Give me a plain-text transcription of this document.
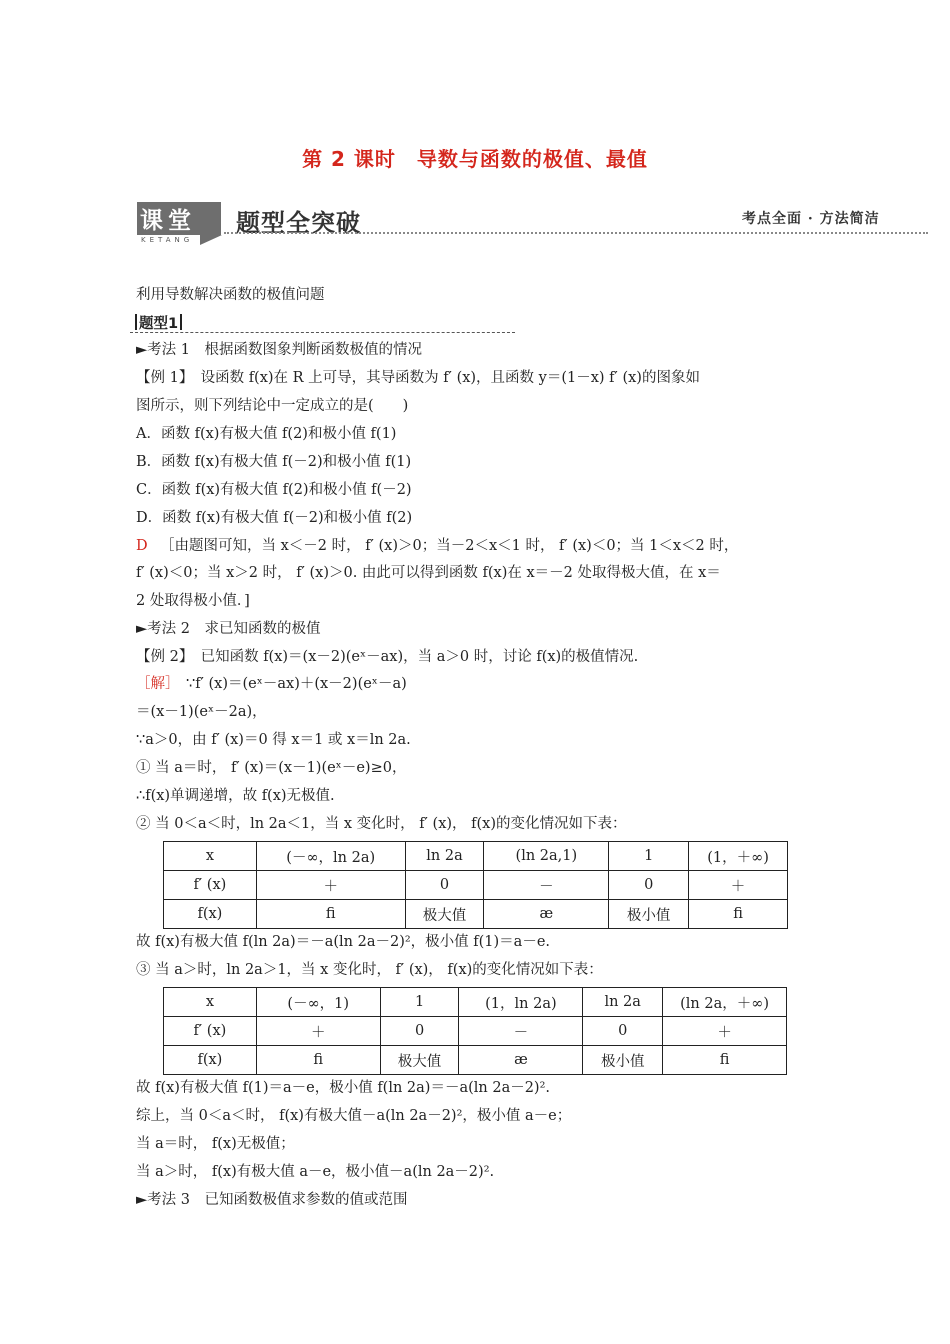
第 2 课时　导数与函数的极值、最值
课堂
KETANG
题型全突破	考点全面 · 方法简洁
利用导数解决函数的极值问题
题型1
►考法 1　根据函数图象判断函数极值的情况
【例 1】　设函数 f(x)在 R 上可导，其导函数为 f′ (x)，且函数 y＝(1－x) f′ (x)的图象如
图所示，则下列结论中一定成立的是(　　)
A．函数 f(x)有极大值 f(2)和极小值 f(1)
B．函数 f(x)有极大值 f(－2)和极小值 f(1)
C．函数 f(x)有极大值 f(2)和极小值 f(－2)
D．函数 f(x)有极大值 f(－2)和极小值 f(2)
D ［由题图可知，当 x＜－2 时， f′ (x)＞0；当－2＜x＜1 时， f′ (x)＜0；当 1＜x＜2 时，
f′ (x)＜0；当 x＞2 时， f′ (x)＞0. 由此可以得到函数 f(x)在 x＝－2 处取得极大值，在 x＝
2 处取得极小值．]
►考法 2　求已知函数的极值
【例 2】　已知函数 f(x)＝(x－2)(eˣ－ax)，当 a＞0 时，讨论 f(x)的极值情况.
［解］ ∵f′ (x)＝(eˣ－ax)＋(x－2)(eˣ－a)
＝(x－1)(eˣ－2a)，
∵a＞0，由 f′ (x)＝0 得 x＝1 或 x＝ln 2a.
① 当 a＝时， f′ (x)＝(x－1)(eˣ－e)≥0，
∴f(x)单调递增，故 f(x)无极值.
② 当 0＜a＜时，ln 2a＜1，当 x 变化时， f′ (x)， f(x)的变化情况如下表：
x	(－∞，ln 2a)	ln 2a	(ln 2a,1)	1	(1，＋∞)
f′ (x)	＋	0	－	0	＋
f(x)	ﬁ	极大值	æ	极小值	ﬁ
故 f(x)有极大值 f(ln 2a)＝－a(ln 2a－2)²，极小值 f(1)＝a－e.
③ 当 a＞时，ln 2a＞1，当 x 变化时， f′ (x)， f(x)的变化情况如下表：
x	(－∞，1)	1	(1，ln 2a)	ln 2a	(ln 2a，＋∞)
f′ (x)	＋	0	－	0	＋
f(x)	ﬁ	极大值	æ	极小值	ﬁ
故 f(x)有极大值 f(1)＝a－e，极小值 f(ln 2a)＝－a(ln 2a－2)².
综上，当 0＜a＜时， f(x)有极大值－a(ln 2a－2)²，极小值 a－e；
当 a＝时， f(x)无极值；
当 a＞时， f(x)有极大值 a－e，极小值－a(ln 2a－2)².
►考法 3　已知函数极值求参数的值或范围
